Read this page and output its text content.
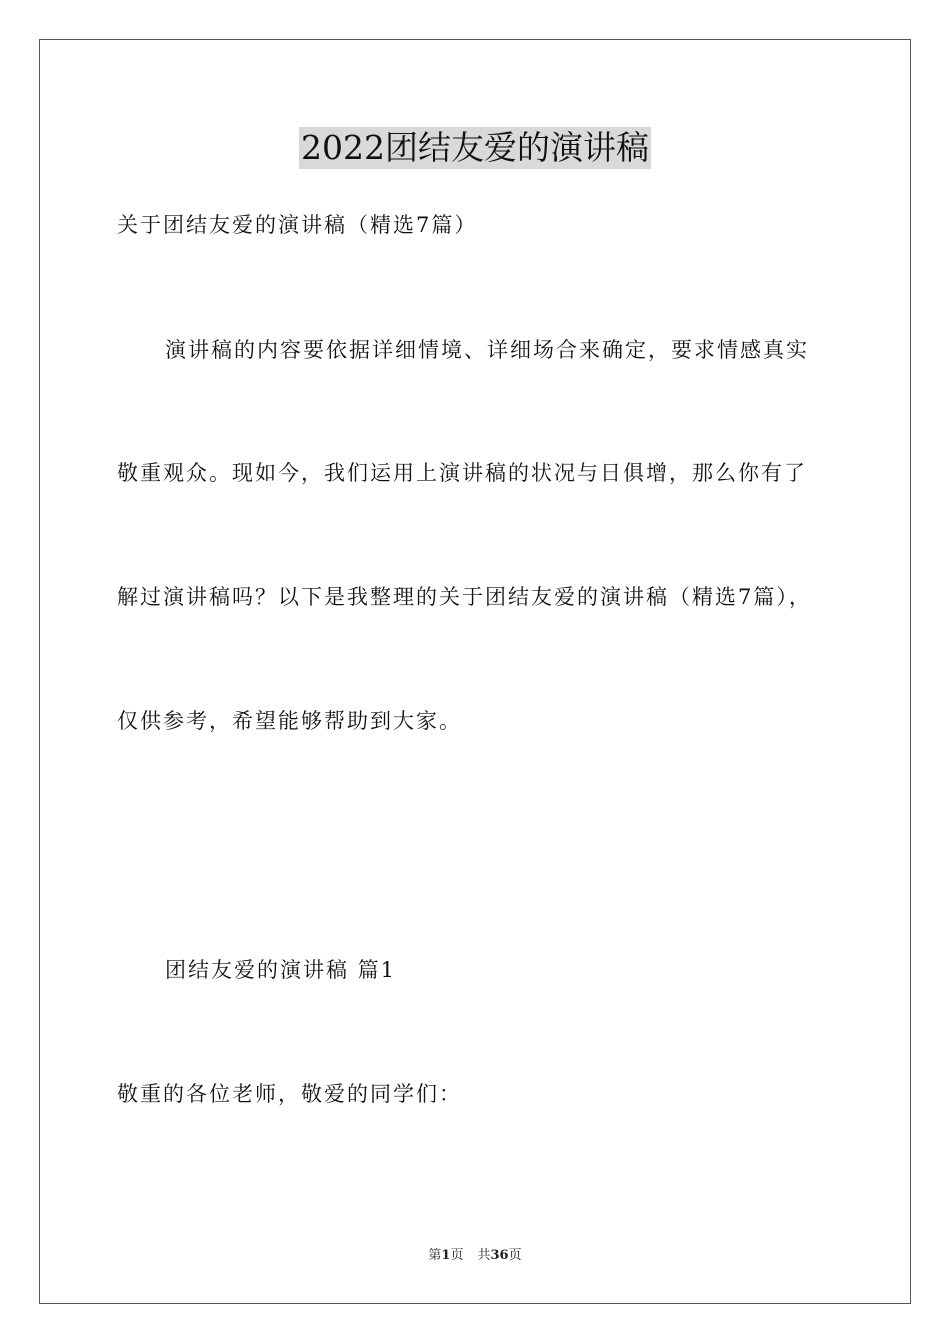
2022团结友爱的演讲稿
关于团结友爱的演讲稿（精选7篇）
演讲稿的内容要依据详细情境、详细场合来确定，要求情感真实
敬重观众。现如今，我们运用上演讲稿的状况与日俱增，那么你有了
解过演讲稿吗？以下是我整理的关于团结友爱的演讲稿（精选7篇），
仅供参考，希望能够帮助到大家。
团结友爱的演讲稿 篇1
敬重的各位老师，敬爱的同学们：
第1页 共36页
